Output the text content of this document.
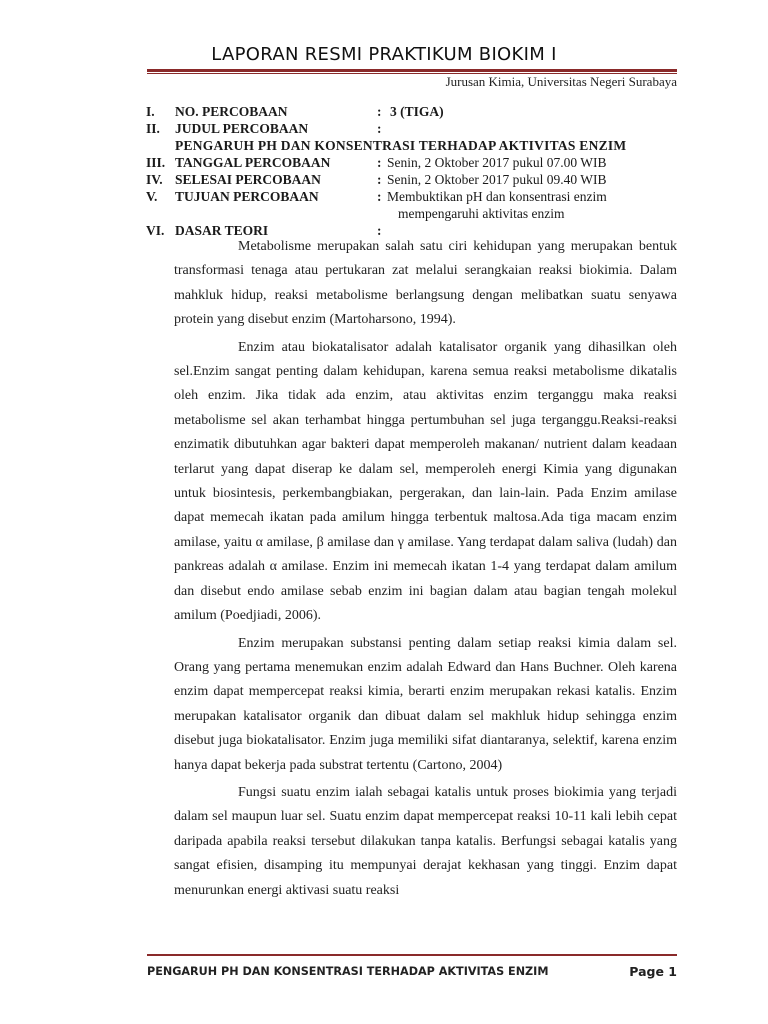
LAPORAN RESMI PRAKTIKUM BIOKIM I
Jurusan Kimia, Universitas Negeri Surabaya
I. NO. PERCOBAAN	: 3 (TIGA)
II. JUDUL PERCOBAAN	:
PENGARUH PH DAN KONSENTRASI TERHADAP AKTIVITAS ENZIM
III. TANGGAL PERCOBAAN	: Senin, 2 Oktober 2017 pukul 07.00 WIB
IV. SELESAI PERCOBAAN	: Senin, 2 Oktober 2017 pukul 09.40 WIB
V. TUJUAN PERCOBAAN	: Membuktikan pH dan konsentrasi enzim
mempengaruhi aktivitas enzim
VI. DASAR TEORI	:

Metabolisme merupakan salah satu ciri kehidupan yang merupakan bentuk transformasi tenaga atau pertukaran zat melalui serangkaian reaksi biokimia. Dalam mahkluk hidup, reaksi metabolisme berlangsung dengan melibatkan suatu senyawa protein yang disebut enzim (Martoharsono, 1994).

Enzim atau biokatalisator adalah katalisator organik yang dihasilkan oleh sel.Enzim sangat penting dalam kehidupan, karena semua reaksi metabolisme dikatalis oleh enzim. Jika tidak ada enzim, atau aktivitas enzim terganggu maka reaksi metabolisme sel akan terhambat hingga pertumbuhan sel juga terganggu.Reaksi-reaksi enzimatik dibutuhkan agar bakteri dapat memperoleh makanan/ nutrient dalam keadaan terlarut yang dapat diserap ke dalam sel, memperoleh energi Kimia yang digunakan untuk biosintesis, perkembangbiakan, pergerakan, dan lain-lain. Pada Enzim amilase dapat memecah ikatan pada amilum hingga terbentuk maltosa.Ada tiga macam enzim amilase, yaitu α amilase, β amilase dan γ amilase. Yang terdapat dalam saliva (ludah) dan pankreas adalah α amilase. Enzim ini memecah ikatan 1-4 yang terdapat dalam amilum dan disebut endo amilase sebab enzim ini bagian dalam atau bagian tengah molekul amilum (Poedjiadi, 2006).

Enzim merupakan substansi penting dalam setiap reaksi kimia dalam sel. Orang yang pertama menemukan enzim adalah Edward dan Hans Buchner. Oleh karena enzim dapat mempercepat reaksi kimia, berarti enzim merupakan rekasi katalis. Enzim merupakan katalisator organik dan dibuat dalam sel makhluk hidup sehingga enzim disebut juga biokatalisator. Enzim juga memiliki sifat diantaranya, selektif, karena enzim hanya dapat bekerja pada substrat tertentu (Cartono, 2004)

Fungsi suatu enzim ialah sebagai katalis untuk proses biokimia yang terjadi dalam sel maupun luar sel. Suatu enzim dapat mempercepat reaksi 10-11 kali lebih cepat daripada apabila reaksi tersebut dilakukan tanpa katalis. Berfungsi sebagai katalis yang sangat efisien, disamping itu mempunyai derajat kekhasan yang tinggi. Enzim dapat menurunkan energi aktivasi suatu reaksi

PENGARUH PH DAN KONSENTRASI TERHADAP AKTIVITAS ENZIM	Page 1
